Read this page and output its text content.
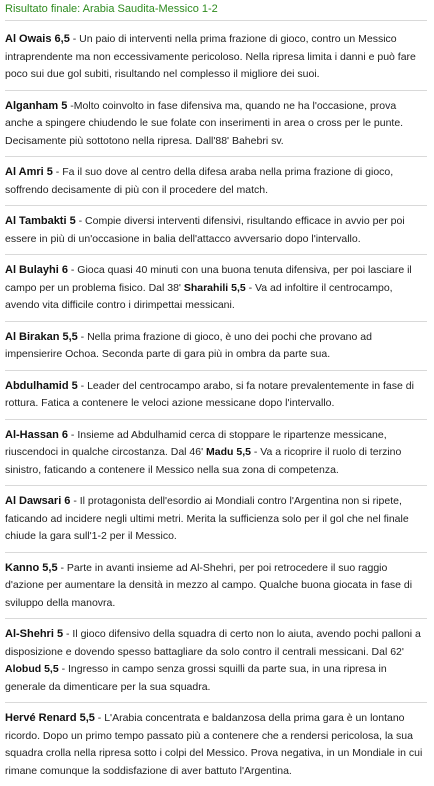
Risultato finale: Arabia Saudita-Messico 1-2
Al Owais 6,5 - Un paio di interventi nella prima frazione di gioco, contro un Messico intraprendente ma non eccessivamente pericoloso. Nella ripresa limita i danni e può fare poco sui due gol subiti, risultando nel complesso il migliore dei suoi.
Alganham 5 -Molto coinvolto in fase difensiva ma, quando ne ha l'occasione, prova anche a spingere chiudendo le sue folate con inserimenti in area o cross per le punte. Decisamente più sottotono nella ripresa. Dall'88' Bahebri sv.
Al Amri 5 - Fa il suo dove al centro della difesa araba nella prima frazione di gioco, soffrendo decisamente di più con il procedere del match.
Al Tambakti 5 - Compie diversi interventi difensivi, risultando efficace in avvio per poi essere in più di un'occasione in balia dell'attacco avversario dopo l'intervallo.
Al Bulayhi 6 - Gioca quasi 40 minuti con una buona tenuta difensiva, per poi lasciare il campo per un problema fisico. Dal 38' Sharahili 5,5 - Va ad infoltire il centrocampo, avendo vita difficile contro i dirimpettai messicani.
Al Birakan 5,5 - Nella prima frazione di gioco, è uno dei pochi che provano ad impensierire Ochoa. Seconda parte di gara più in ombra da parte sua.
Abdulhamid 5 - Leader del centrocampo arabo, si fa notare prevalentemente in fase di rottura. Fatica a contenere le veloci azione messicane dopo l'intervallo.
Al-Hassan 6 - Insieme ad Abdulhamid cerca di stoppare le ripartenze messicane, riuscendoci in qualche circostanza. Dal 46' Madu 5,5 - Va a ricoprire il ruolo di terzino sinistro, faticando a contenere il Messico nella sua zona di competenza.
Al Dawsari 6 - Il protagonista dell'esordio ai Mondiali contro l'Argentina non si ripete, faticando ad incidere negli ultimi metri. Merita la sufficienza solo per il gol che nel finale chiude la gara sull'1-2 per il Messico.
Kanno 5,5 - Parte in avanti insieme ad Al-Shehri, per poi retrocedere il suo raggio d'azione per aumentare la densità in mezzo al campo. Qualche buona giocata in fase di sviluppo della manovra.
Al-Shehri 5 - Il gioco difensivo della squadra di certo non lo aiuta, avendo pochi palloni a disposizione e dovendo spesso battagliare da solo contro il centrali messicani. Dal 62' Alobud 5,5 - Ingresso in campo senza grossi squilli da parte sua, in una ripresa in generale da dimenticare per la sua squadra.
Hervé Renard 5,5 - L'Arabia concentrata e baldanzosa della prima gara è un lontano ricordo. Dopo un primo tempo passato più a contenere che a rendersi pericolosa, la sua squadra crolla nella ripresa sotto i colpi del Messico. Prova negativa, in un Mondiale in cui rimane comunque la soddisfazione di aver battuto l'Argentina.
